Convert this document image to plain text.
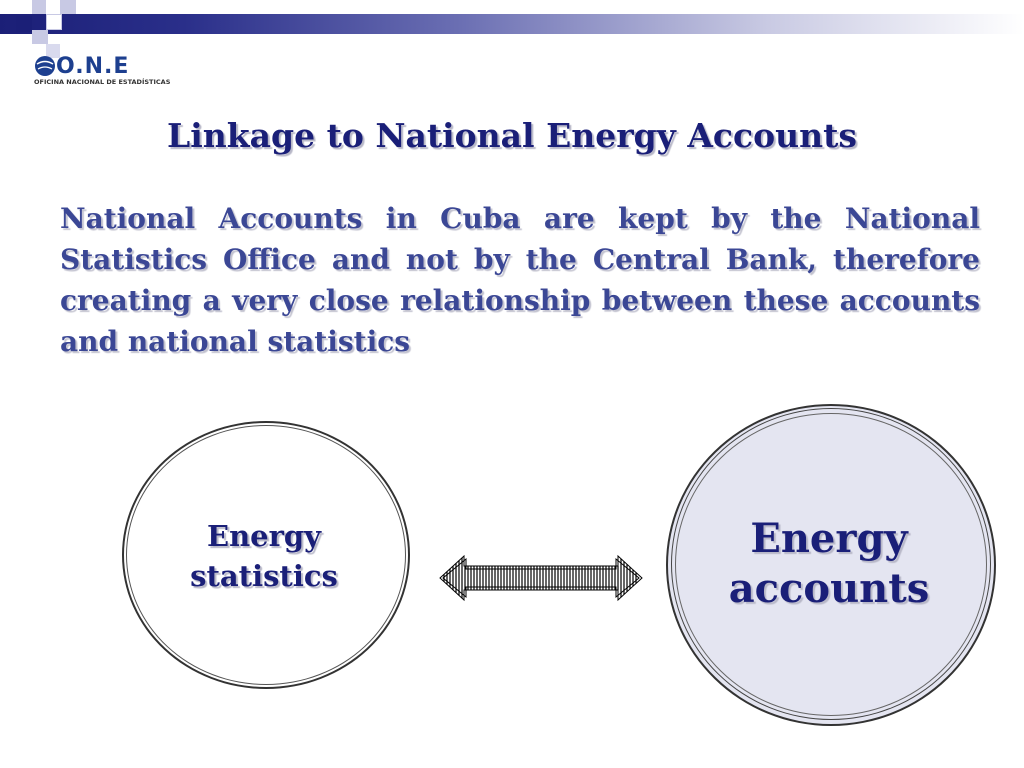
O.N.E
OFICINA NACIONAL DE ESTADÍSTICAS
Linkage to National Energy Accounts
National Accounts in Cuba are kept by the National Statistics Office and not by the Central Bank, therefore creating a very close relationship between these accounts and national statistics
Energy
statistics
Energy
accounts
